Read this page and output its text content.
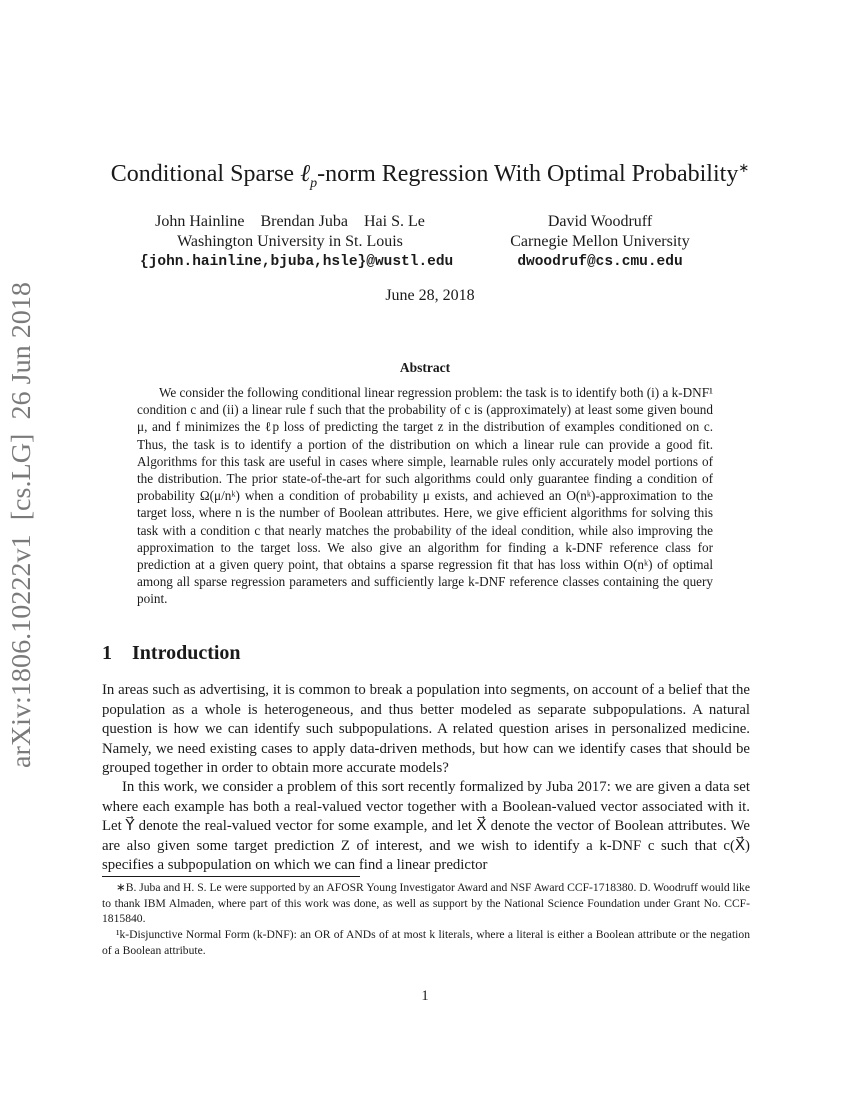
arXiv:1806.10222v1  [cs.LG]  26 Jun 2018
Conditional Sparse ℓ$_p$-norm Regression With Optimal Probability∗
John Hainline    Brendan Juba    Hai S. Le
Washington University in St. Louis
{john.hainline,bjuba,hsle}@wustl.edu
David Woodruff
Carnegie Mellon University
dwoodruf@cs.cmu.edu
June 28, 2018
Abstract

We consider the following conditional linear regression problem: the task is to identify both (i) a k-DNF¹ condition c and (ii) a linear rule f such that the probability of c is (approximately) at least some given bound μ, and f minimizes the ℓp loss of predicting the target z in the distribution of examples conditioned on c. Thus, the task is to identify a portion of the distribution on which a linear rule can provide a good fit. Algorithms for this task are useful in cases where simple, learnable rules only accurately model portions of the distribution. The prior state-of-the-art for such algorithms could only guarantee finding a condition of probability Ω(μ/nᵏ) when a condition of probability μ exists, and achieved an O(nᵏ)-approximation to the target loss, where n is the number of Boolean attributes. Here, we give efficient algorithms for solving this task with a condition c that nearly matches the probability of the ideal condition, while also improving the approximation to the target loss. We also give an algorithm for finding a k-DNF reference class for prediction at a given query point, that obtains a sparse regression fit that has loss within O(nᵏ) of optimal among all sparse regression parameters and sufficiently large k-DNF reference classes containing the query point.

1 Introduction

In areas such as advertising, it is common to break a population into segments, on account of a belief that the population as a whole is heterogeneous, and thus better modeled as separate subpopulations. A natural question is how we can identify such subpopulations. A related question arises in personalized medicine. Namely, we need existing cases to apply data-driven methods, but how can we identify cases that should be grouped together in order to obtain more accurate models?

In this work, we consider a problem of this sort recently formalized by Juba 2017: we are given a data set where each example has both a real-valued vector together with a Boolean-valued vector associated with it. Let Y⃗ denote the real-valued vector for some example, and let X⃗ denote the vector of Boolean attributes. We are also given some target prediction Z of interest, and we wish to identify a k-DNF c such that c(X⃗) specifies a subpopulation on which we can find a linear predictor

∗B. Juba and H. S. Le were supported by an AFOSR Young Investigator Award and NSF Award CCF-1718380. D. Woodruff would like to thank IBM Almaden, where part of this work was done, as well as support by the National Science Foundation under Grant No. CCF-1815840.

¹k-Disjunctive Normal Form (k-DNF): an OR of ANDs of at most k literals, where a literal is either a Boolean attribute or the negation of a Boolean attribute.

1
